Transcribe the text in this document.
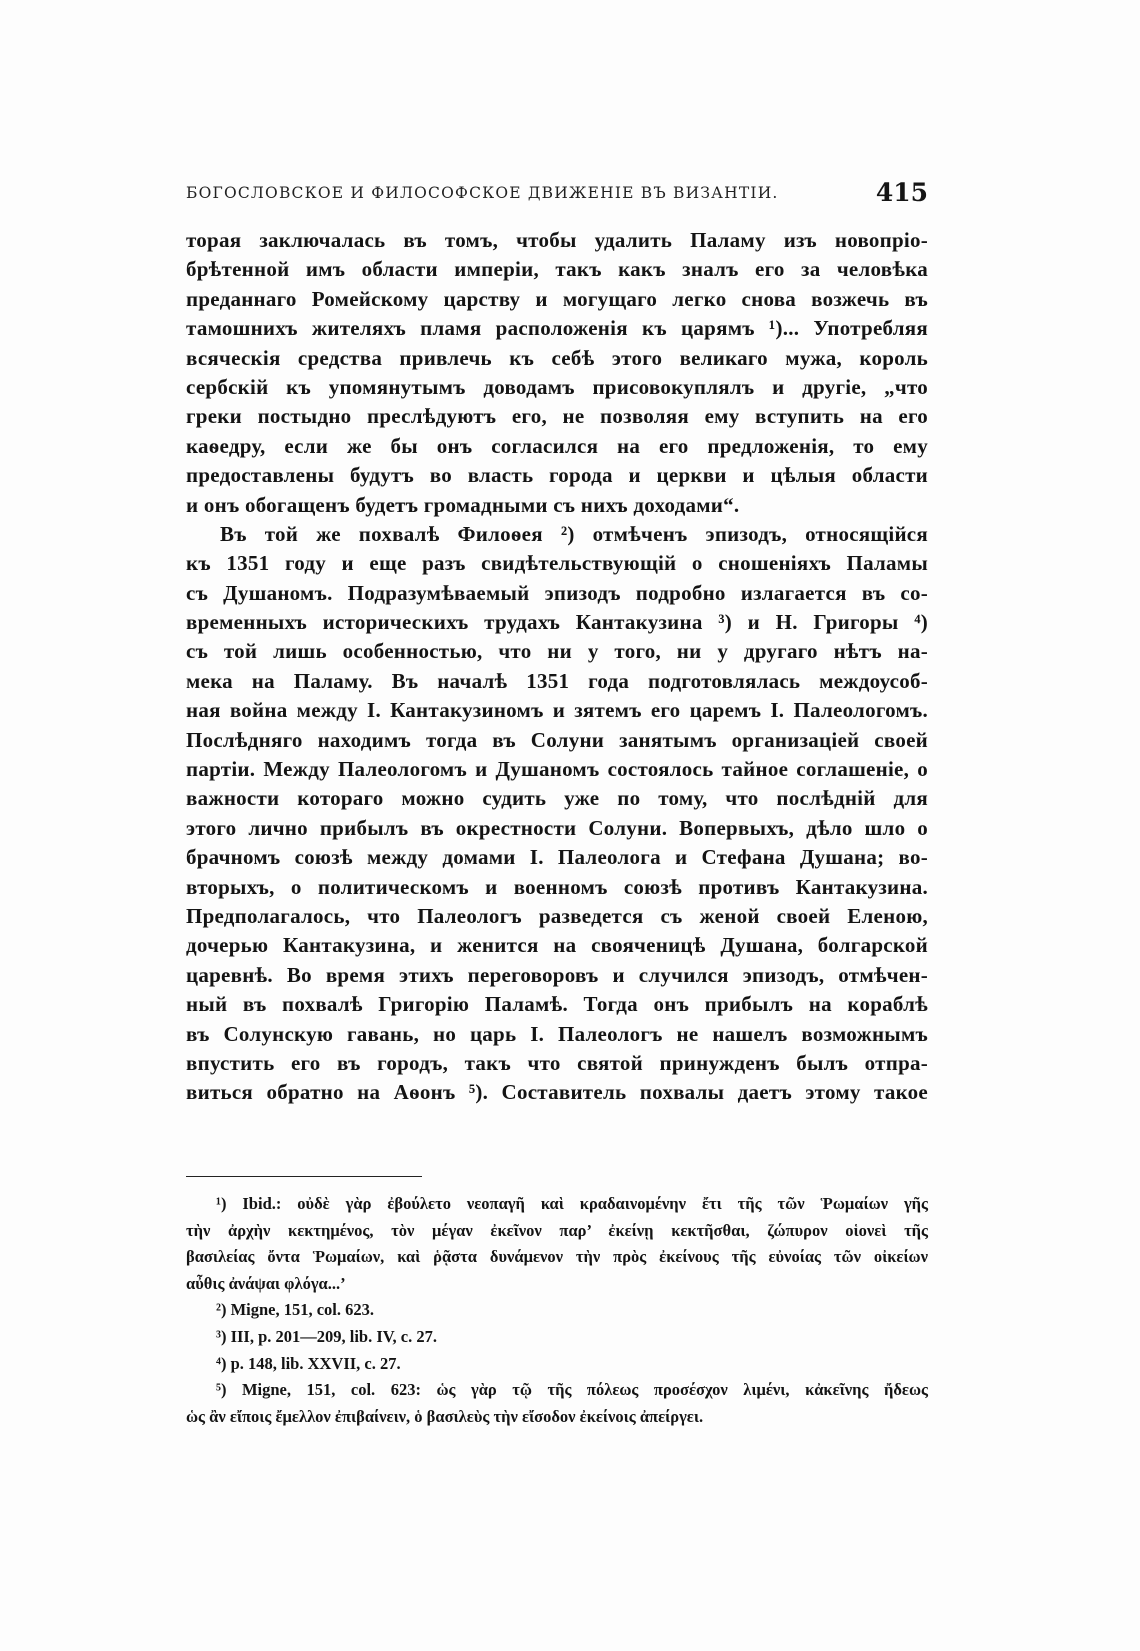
БОГОСЛОВСКОЕ И ФИЛОСОФСКОЕ ДВИЖЕНІЕ ВЪ ВИЗАНТІИ.	415
торая заключалась въ томъ, чтобы удалить Паламу изъ новопріо-
брѣтенной имъ области имперіи, такъ какъ зналъ его за человѣка
преданнаго Ромейскому царству и могущаго легко снова возжечь въ
тамошнихъ жителяхъ пламя расположенія къ царямъ ¹)... Употребляя
всяческія средства привлечь къ себѣ этого великаго мужа, король
сербскій къ упомянутымъ доводамъ присовокуплялъ и другіе, „что
греки постыдно преслѣдуютъ его, не позволяя ему вступить на его
каѳедру, если же бы онъ согласился на его предложенія, то ему
предоставлены будутъ во власть города и церкви и цѣлыя области
и онъ обогащенъ будетъ громадными съ нихъ доходами“.
Въ той же похвалѣ Филоѳея ²) отмѣченъ эпизодъ, относящійся
къ 1351 году и еще разъ свидѣтельствующій о сношеніяхъ Паламы
съ Душаномъ. Подразумѣваемый эпизодъ подробно излагается въ со-
временныхъ историческихъ трудахъ Кантакузина ³) и Н. Григоры ⁴)
съ той лишь особенностью, что ни у того, ни у другаго нѣтъ на-
мека на Паламу. Въ началѣ 1351 года подготовлялась междоусоб-
ная война между І. Кантакузиномъ и зятемъ его царемъ І. Палеологомъ.
Послѣдняго находимъ тогда въ Солуни занятымъ организаціей своей
партіи. Между Палеологомъ и Душаномъ состоялось тайное соглашеніе, о
важности котораго можно судить уже по тому, что послѣдній для
этого лично прибылъ въ окрестности Солуни. Вопервыхъ, дѣло шло о
брачномъ союзѣ между домами І. Палеолога и Стефана Душана; во-
вторыхъ, о политическомъ и военномъ союзѣ противъ Кантакузина.
Предполагалось, что Палеологъ разведется съ женой своей Еленою,
дочерью Кантакузина, и женится на свояченицѣ Душана, болгарской
царевнѣ. Во время этихъ переговоровъ и случился эпизодъ, отмѣчен-
ный въ похвалѣ Григорію Паламѣ. Тогда онъ прибылъ на кораблѣ
въ Солунскую гавань, но царь І. Палеологъ не нашелъ возможнымъ
впустить его въ городъ, такъ что святой принужденъ былъ отпра-
виться обратно на Аѳонъ ⁵). Составитель похвалы даетъ этому такое
¹) Ibid.: οὐδὲ γὰρ ἐβούλετο νεοπαγῆ καὶ κραδαινομένην ἔτι τῆς τῶν Ῥωμαίων γῆς
τὴν ἀρχὴν κεκτημένος, τὸν μέγαν ἐκεῖνον παρ’ ἐκείνῃ κεκτῆσθαι, ζώπυρον οἱονεὶ τῆς
βασιλείας ὄντα Ῥωμαίων, καὶ ῥᾷστα δυνάμενον τὴν πρὸς ἐκείνους τῆς εὐνοίας τῶν οἰκείων
αὖθις ἀνάψαι φλόγα...’
²) Migne, 151, col. 623.
³) III, p. 201—209, lib. IV, c. 27.
⁴) p. 148, lib. XXVII, c. 27.
⁵) Migne, 151, col. 623: ὡς γὰρ τῷ τῆς πόλεως προσέσχον λιμένι, κἀκεῖνης ἤδεως
ὡς ἂν εἴποις ἔμελλον ἐπιβαίνειν, ὁ βασιλεὺς τὴν εἴσοδον ἐκείνοις ἀπείργει.
